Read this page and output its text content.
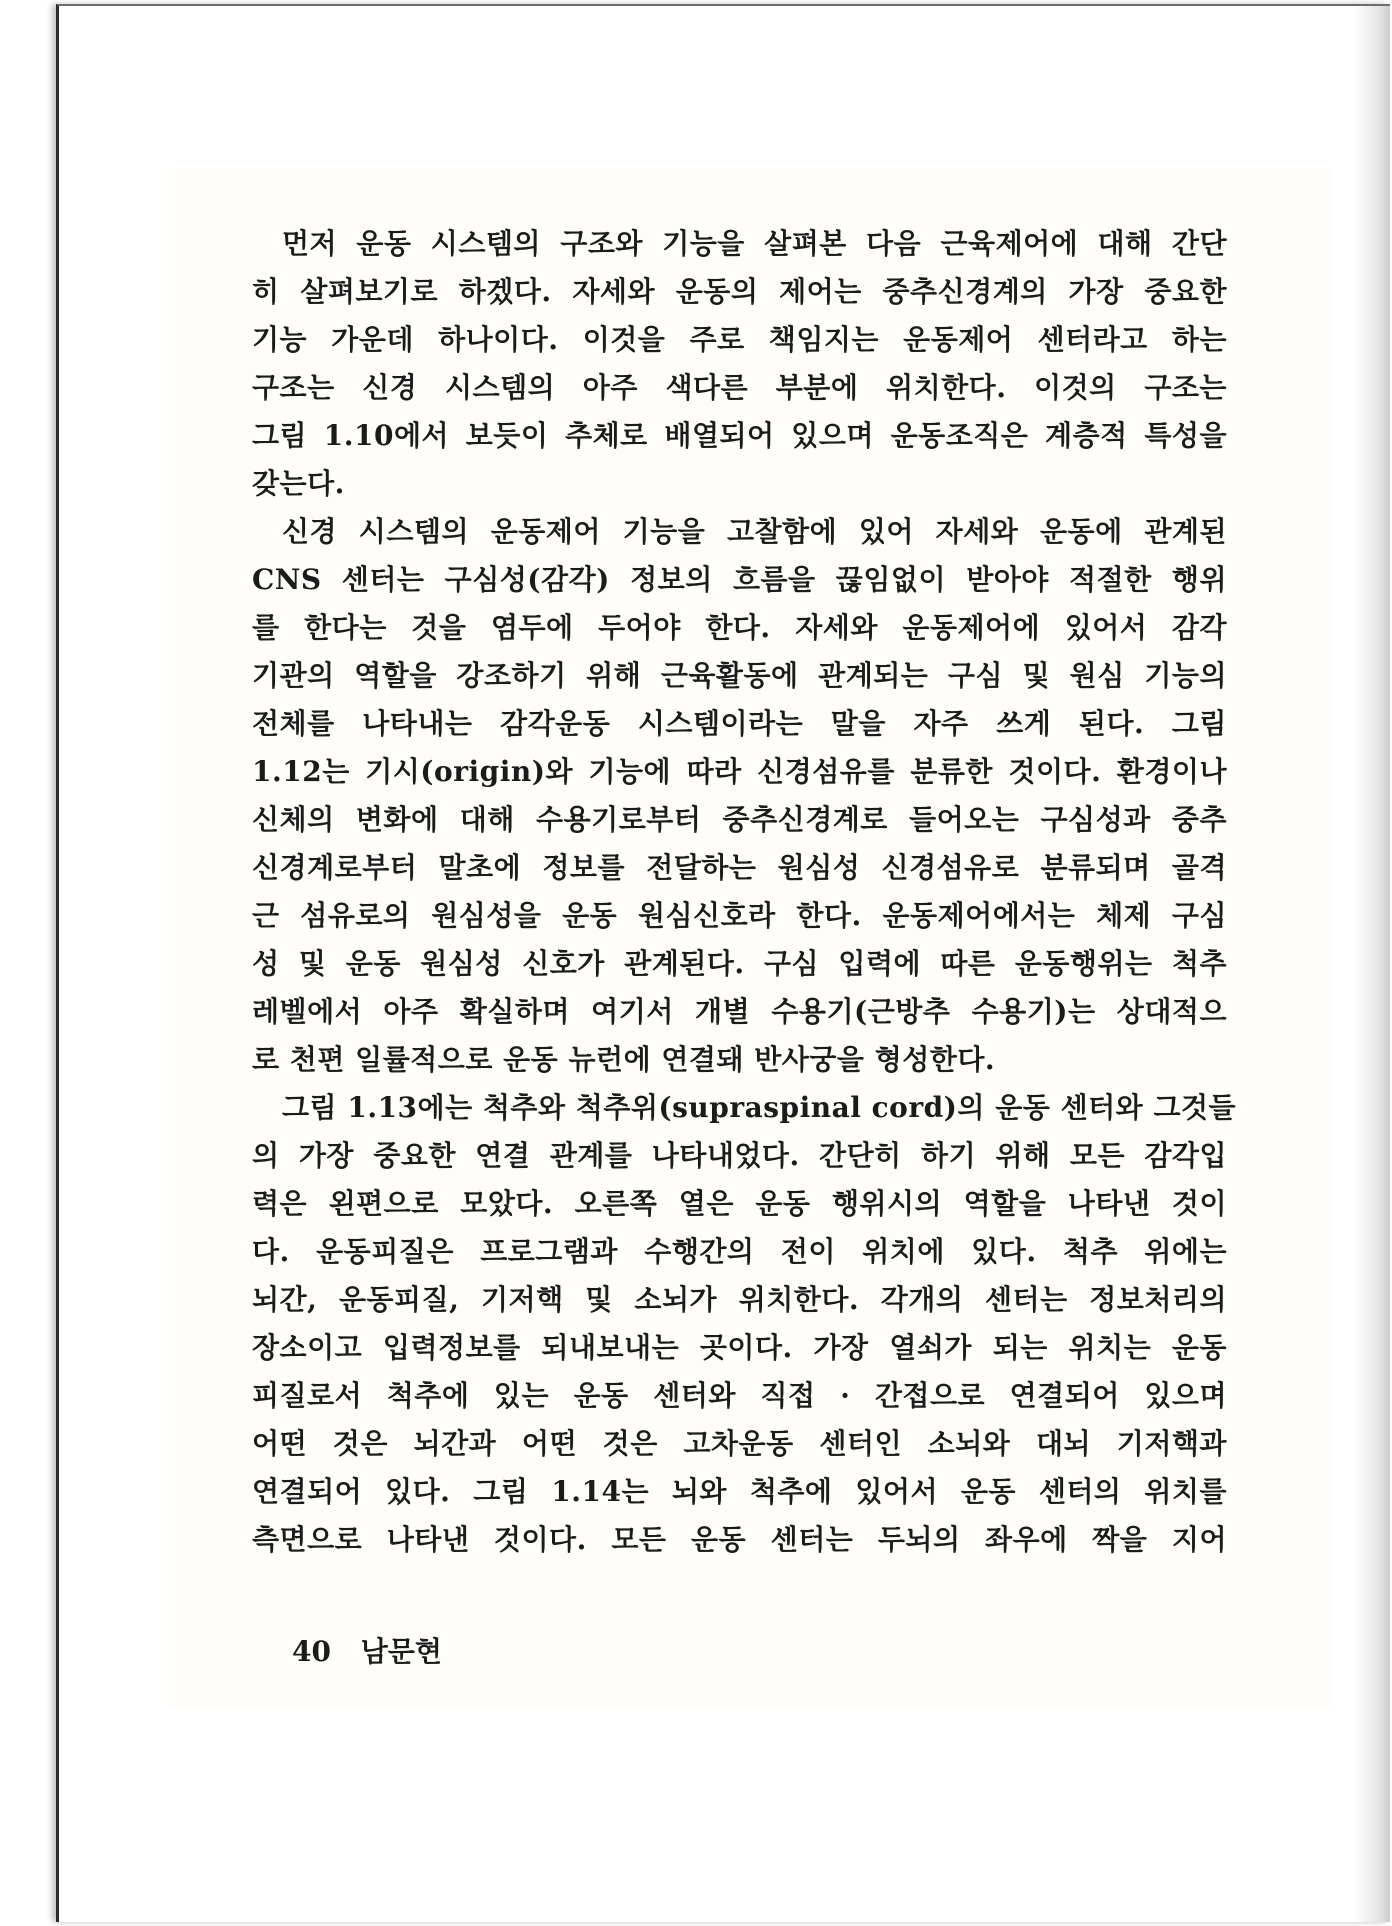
먼저 운동 시스템의 구조와 기능을 살펴본 다음 근육제어에 대해 간단
히 살펴보기로 하겠다. 자세와 운동의 제어는 중추신경계의 가장 중요한
기능 가운데 하나이다. 이것을 주로 책임지는 운동제어 센터라고 하는
구조는 신경 시스템의 아주 색다른 부분에 위치한다. 이것의 구조는
그림 1.10에서 보듯이 추체로 배열되어 있으며 운동조직은 계층적 특성을
갖는다.
신경 시스템의 운동제어 기능을 고찰함에 있어 자세와 운동에 관계된
CNS 센터는 구심성(감각) 정보의 흐름을 끊임없이 받아야 적절한 행위
를 한다는 것을 염두에 두어야 한다. 자세와 운동제어에 있어서 감각
기관의 역할을 강조하기 위해 근육활동에 관계되는 구심 및 원심 기능의
전체를 나타내는 감각운동 시스템이라는 말을 자주 쓰게 된다. 그림
1.12는 기시(origin)와 기능에 따라 신경섬유를 분류한 것이다. 환경이나
신체의 변화에 대해 수용기로부터 중추신경계로 들어오는 구심성과 중추
신경계로부터 말초에 정보를 전달하는 원심성 신경섬유로 분류되며 골격
근 섬유로의 원심성을 운동 원심신호라 한다. 운동제어에서는 체제 구심
성 및 운동 원심성 신호가 관계된다. 구심 입력에 따른 운동행위는 척추
레벨에서 아주 확실하며 여기서 개별 수용기(근방추 수용기)는 상대적으
로 천편 일률적으로 운동 뉴런에 연결돼 반사궁을 형성한다.
그림 1.13에는 척추와 척추위(supraspinal cord)의 운동 센터와 그것들
의 가장 중요한 연결 관계를 나타내었다. 간단히 하기 위해 모든 감각입
력은 왼편으로 모았다. 오른쪽 열은 운동 행위시의 역할을 나타낸 것이
다. 운동피질은 프로그램과 수행간의 전이 위치에 있다. 척추 위에는
뇌간, 운동피질, 기저핵 및 소뇌가 위치한다. 각개의 센터는 정보처리의
장소이고 입력정보를 되내보내는 곳이다. 가장 열쇠가 되는 위치는 운동
피질로서 척추에 있는 운동 센터와 직접 · 간접으로 연결되어 있으며
어떤 것은 뇌간과 어떤 것은 고차운동 센터인 소뇌와 대뇌 기저핵과
연결되어 있다. 그림 1.14는 뇌와 척추에 있어서 운동 센터의 위치를
측면으로 나타낸 것이다. 모든 운동 센터는 두뇌의 좌우에 짝을 지어
40 남문현
